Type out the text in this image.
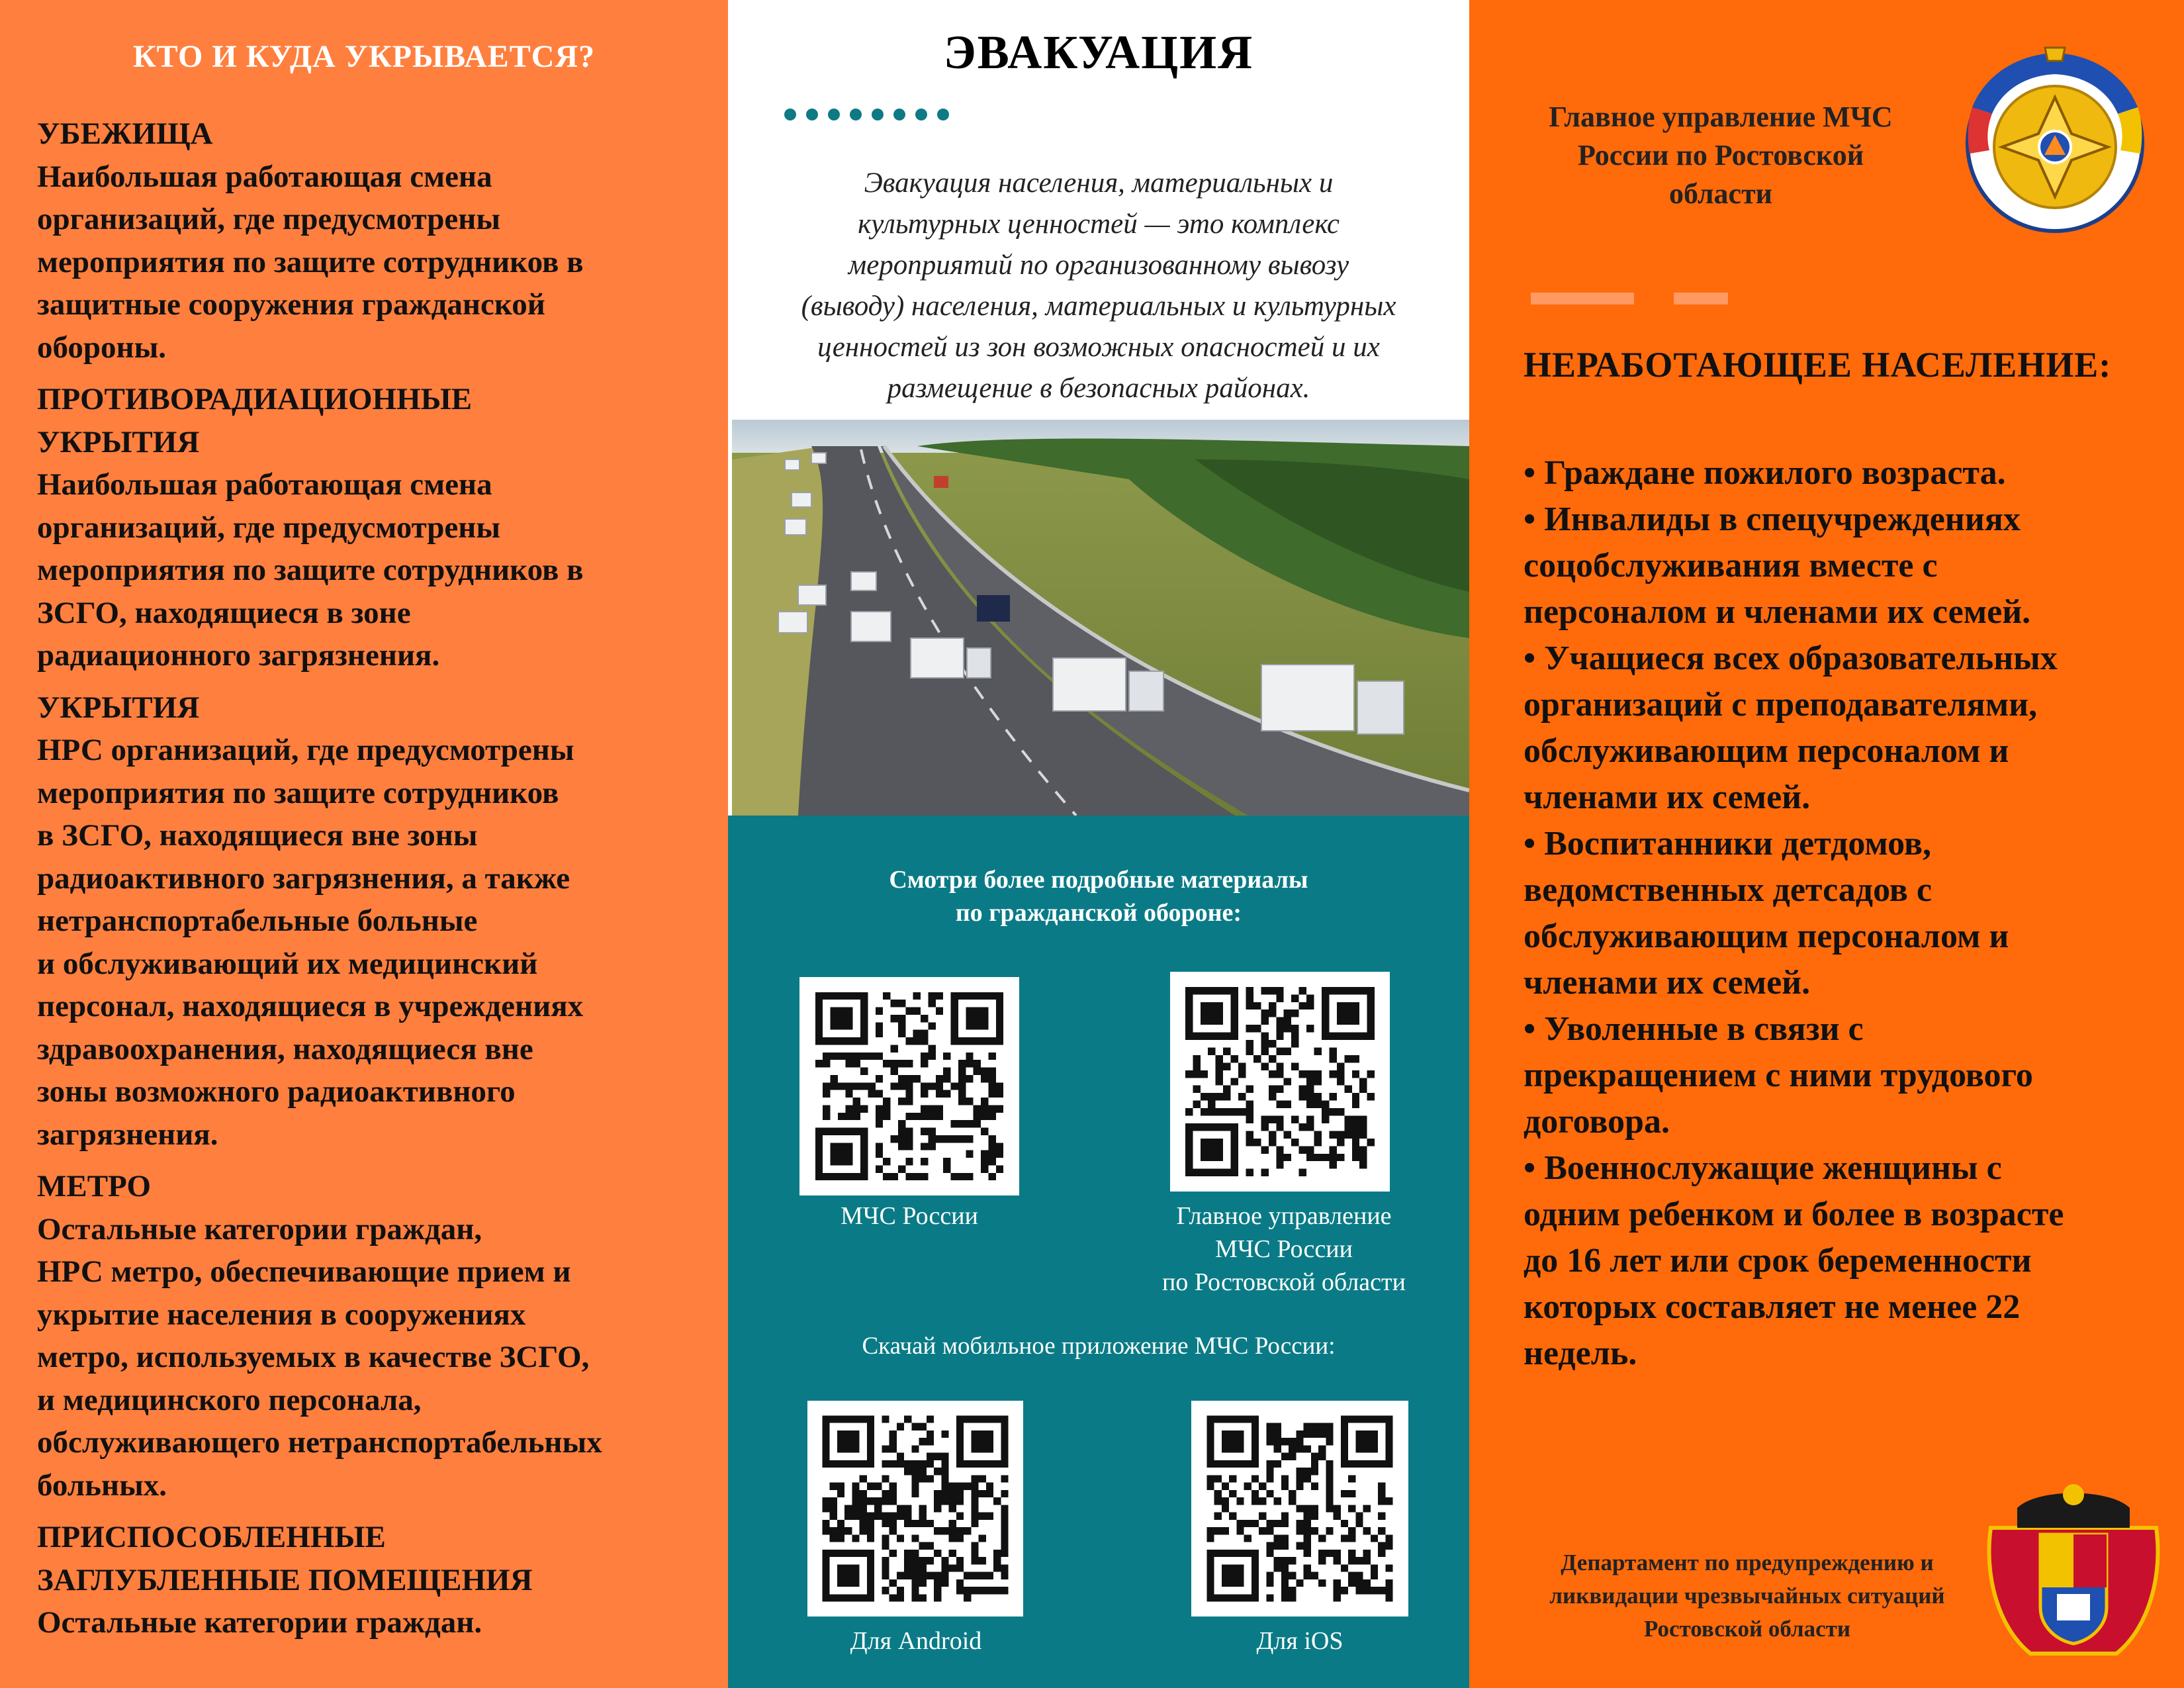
КТО И КУДА УКРЫВАЕТСЯ?
УБЕЖИЩА
Наибольшая работающая смена
организаций, где предусмотрены
мероприятия по защите сотрудников в
защитные сооружения гражданской
обороны.
ПРОТИВОРАДИАЦИОННЫЕ
УКРЫТИЯ
Наибольшая работающая смена
организаций, где предусмотрены
мероприятия по защите сотрудников в
ЗСГО, находящиеся в зоне
радиационного загрязнения.
УКРЫТИЯ
НРС организаций, где предусмотрены
мероприятия по защите сотрудников
в ЗСГО, находящиеся вне зоны
радиоактивного загрязнения, а также
нетранспортабельные больные
и обслуживающий их медицинский
персонал, находящиеся в учреждениях
здравоохранения, находящиеся вне
зоны возможного радиоактивного
загрязнения.
МЕТРО
Остальные категории граждан,
НРС метро, обеспечивающие прием и
укрытие населения в сооружениях
метро, используемых в качестве ЗСГО,
и медицинского персонала,
обслуживающего нетранспортабельных
больных.
ПРИСПОСОБЛЕННЫЕ
ЗАГЛУБЛЕННЫЕ ПОМЕЩЕНИЯ
Остальные категории граждан.
ЭВАКУАЦИЯ
Эвакуация населения, материальных и
культурных ценностей — это комплекс
мероприятий по организованному вывозу
(выводу) населения, материальных и культурных
ценностей из зон возможных опасностей и их
размещение в безопасных районах.
Смотри более подробные материалы
по гражданской обороне:
МЧС России	Главное управление
МЧС России
по Ростовской области
Скачай мобильное приложение МЧС России:
Для Android	Для iOS
Главное управление МЧС
России по Ростовской
области
НЕРАБОТАЮЩЕЕ НАСЕЛЕНИЕ:
• Граждане пожилого возраста.
• Инвалиды в спецучреждениях
соцобслуживания вместе с
персоналом и членами их семей.
• Учащиеся всех образовательных
организаций с преподавателями,
обслуживающим персоналом и
членами их семей.
• Воспитанники детдомов,
ведомственных детсадов с
обслуживающим персоналом и
членами их семей.
• Уволенные в связи с
прекращением с ними трудового
договора.
• Военнослужащие женщины с
одним ребенком и более в возрасте
до 16 лет или срок беременности
которых составляет не менее 22
недель.
Департамент по предупреждению и
ликвидации чрезвычайных ситуаций
Ростовской области
